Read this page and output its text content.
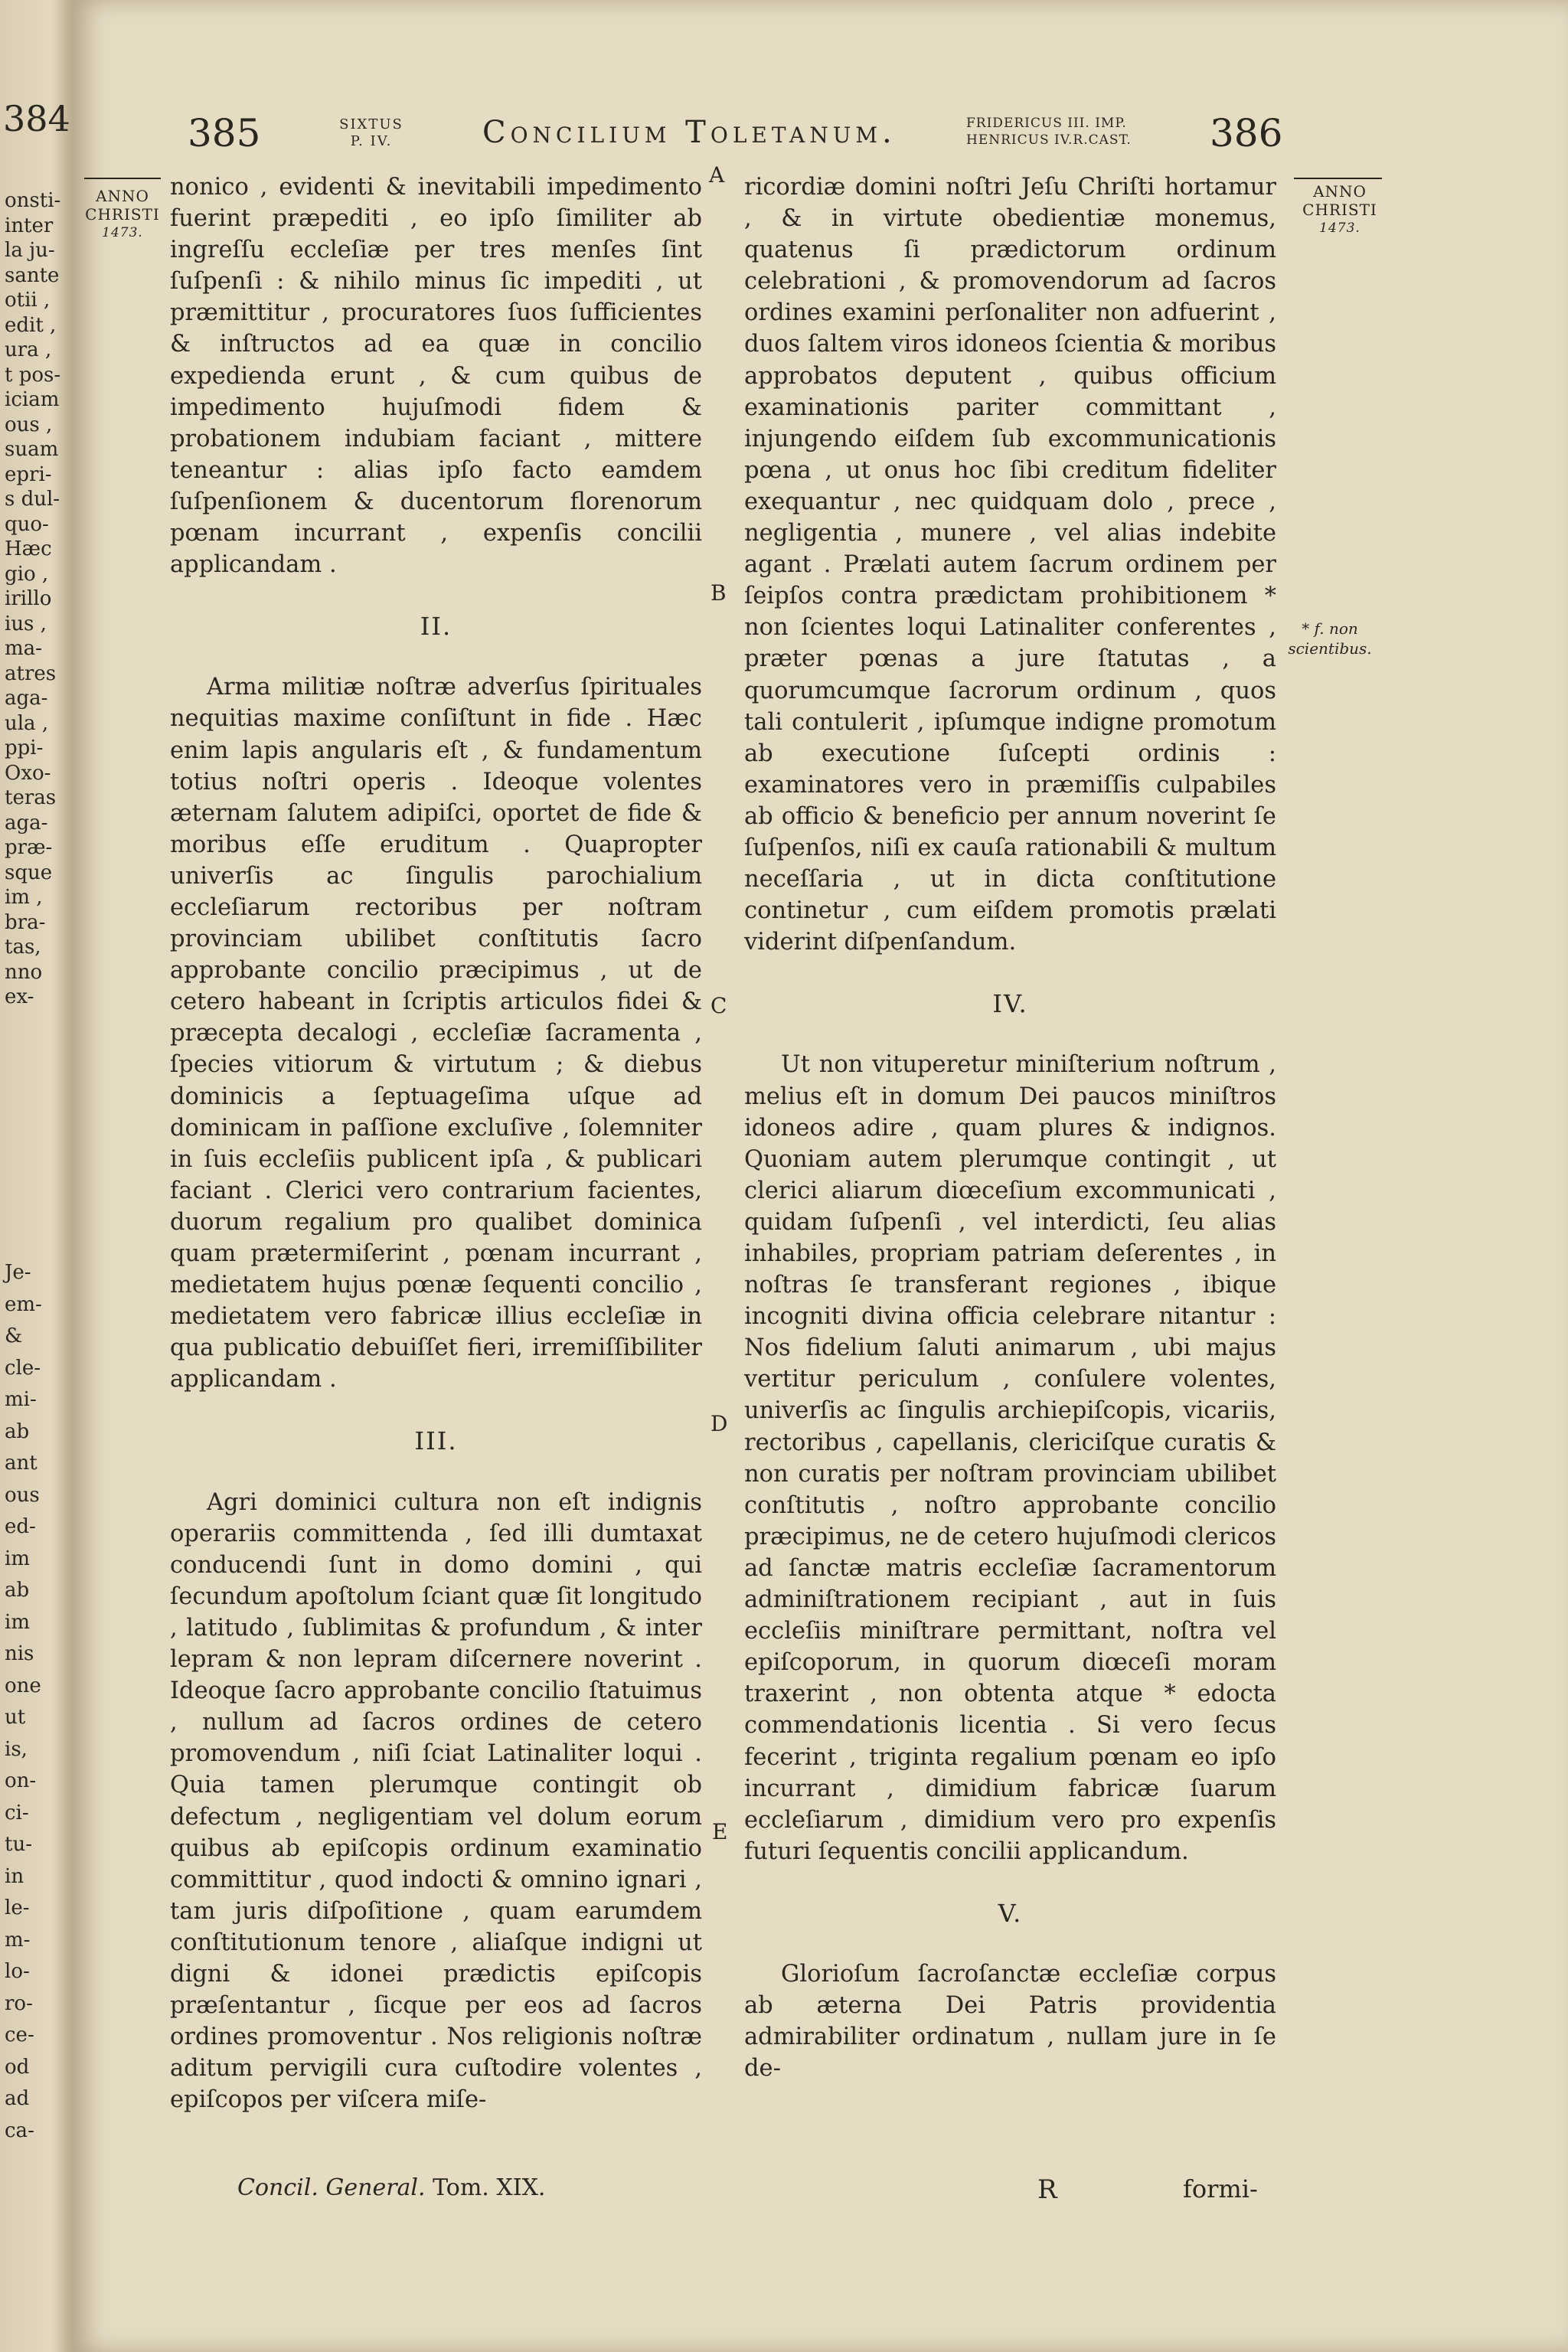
384
onsti-
inter
la ju-
sante
otii ,
edit ,
ura ,
t pos-
iciam
ous ,
suam
epri-
s dul-
quo-
Hæc
gio ,
irillo
ius ,
ma-
atres
aga-
ula ,
ppi-
Oxo-
teras
aga-
præ-
sque
im ,
bra-
tas,
nno
ex-
Je-
em-
&
cle-
mi-
ab
ant
ous
ed-
im
ab
im
nis
one
ut
is,
on-
ci-
tu-
in
le-
m-
lo-
ro-
ce-
od
ad
ca-
385	SIXTUS
P. IV.	Concilium Toletanum.	FRIDERICUS III. IMP.
HENRICUS IV.R.CAST.	386
ANNO
CHRISTI
1473.
ANNO
CHRISTI
1473.
* f. non
scientibus.
A
B
C
D
E

nonico , evidenti & inevitabili impedimento fuerint præpediti , eo ipſo ſimiliter ab ingreſſu eccleſiæ per tres menſes ſint ſuſpenſi : & nihilo minus ſic impediti , ut præmittitur , procuratores ſuos ſufficientes & inſtructos ad ea quæ in concilio expedienda erunt , & cum quibus de impedimento hujuſmodi fidem & probationem indubiam faciant , mittere teneantur : alias ipſo facto eamdem ſuſpenſionem & ducentorum florenorum pœnam incurrant , expenſis concilii applicandam .

II.

Arma militiæ noſtræ adverſus ſpirituales nequitias maxime conſiſtunt in fide . Hæc enim lapis angularis eſt , & fundamentum totius noſtri operis . Ideoque volentes æternam ſalutem adipiſci, oportet de fide & moribus eſſe eruditum . Quapropter univerſis ac ſingulis parochialium eccleſiarum rectoribus per noſtram provinciam ubilibet conſtitutis ſacro approbante concilio præcipimus , ut de cetero habeant in ſcriptis articulos fidei & præcepta decalogi , eccleſiæ ſacramenta , ſpecies vitiorum & virtutum ; & diebus dominicis a ſeptuageſima uſque ad dominicam in paſſione excluſive , ſolemniter in ſuis eccleſiis publicent ipſa , & publicari faciant . Clerici vero contrarium facientes, duorum regalium pro qualibet dominica quam prætermiſerint , pœnam incurrant , medietatem hujus pœnæ ſequenti concilio , medietatem vero fabricæ illius eccleſiæ in qua publicatio debuiſſet fieri, irremiſſibiliter applicandam .

III.

Agri dominici cultura non eſt indignis operariis committenda , ſed illi dumtaxat conducendi ſunt in domo domini , qui ſecundum apoſtolum ſciant quæ ſit longitudo , latitudo , ſublimitas & profundum , & inter lepram & non lepram diſcernere noverint . Ideoque ſacro approbante concilio ſtatuimus , nullum ad ſacros ordines de cetero promovendum , niſi ſciat Latinaliter loqui . Quia tamen plerumque contingit ob defectum , negligentiam vel dolum eorum quibus ab epiſcopis ordinum examinatio committitur , quod indocti & omnino ignari , tam juris diſpoſitione , quam earumdem conſtitutionum tenore , aliaſque indigni ut digni & idonei prædictis epiſcopis præſentantur , ſicque per eos ad ſacros ordines promoventur . Nos religionis noſtræ aditum pervigili cura cuſtodire volentes , epiſcopos per viſcera miſe-

ricordiæ domini noſtri Jeſu Chriſti hortamur , & in virtute obedientiæ monemus, quatenus ſi prædictorum ordinum celebrationi , & promovendorum ad ſacros ordines examini perſonaliter non adfuerint , duos ſaltem viros idoneos ſcientia & moribus approbatos deputent , quibus officium examinationis pariter committant , injungendo eiſdem ſub excommunicationis pœna , ut onus hoc ſibi creditum fideliter exequantur , nec quidquam dolo , prece , negligentia , munere , vel alias indebite agant . Prælati autem ſacrum ordinem per ſeipſos contra prædictam prohibitionem * non ſcientes loqui Latinaliter conferentes , præter pœnas a jure ſtatutas , a quorumcumque ſacrorum ordinum , quos tali contulerit , ipſumque indigne promotum ab executione ſuſcepti ordinis : examinatores vero in præmiſſis culpabiles ab officio & beneficio per annum noverint ſe ſuſpenſos, niſi ex cauſa rationabili & multum neceſſaria , ut in dicta conſtitutione continetur , cum eiſdem promotis prælati viderint diſpenſandum.

IV.

Ut non vituperetur miniſterium noſtrum , melius eſt in domum Dei paucos miniſtros idoneos adire , quam plures & indignos. Quoniam autem plerumque contingit , ut clerici aliarum diœceſium excommunicati , quidam ſuſpenſi , vel interdicti, ſeu alias inhabiles, propriam patriam deſerentes , in noſtras ſe transferant regiones , ibique incogniti divina officia celebrare nitantur : Nos fidelium ſaluti animarum , ubi majus vertitur periculum , conſulere volentes, univerſis ac ſingulis archiepiſcopis, vicariis, rectoribus , capellanis, clericiſque curatis & non curatis per noſtram provinciam ubilibet conſtitutis , noſtro approbante concilio præcipimus, ne de cetero hujuſmodi clericos ad ſanctæ matris eccleſiæ ſacramentorum adminiſtrationem recipiant , aut in ſuis eccleſiis miniſtrare permittant, noſtra vel epiſcoporum, in quorum diœceſi moram traxerint , non obtenta atque * edocta commendationis licentia . Si vero ſecus fecerint , triginta regalium pœnam eo ipſo incurrant , dimidium fabricæ ſuarum eccleſiarum , dimidium vero pro expenſis futuri ſequentis concilii applicandum.

V.

Glorioſum ſacroſanctæ eccleſiæ corpus ab æterna Dei Patris providentia admirabiliter ordinatum , nullam jure in ſe de-

Concil. General. Tom. XIX.	R	formi-
